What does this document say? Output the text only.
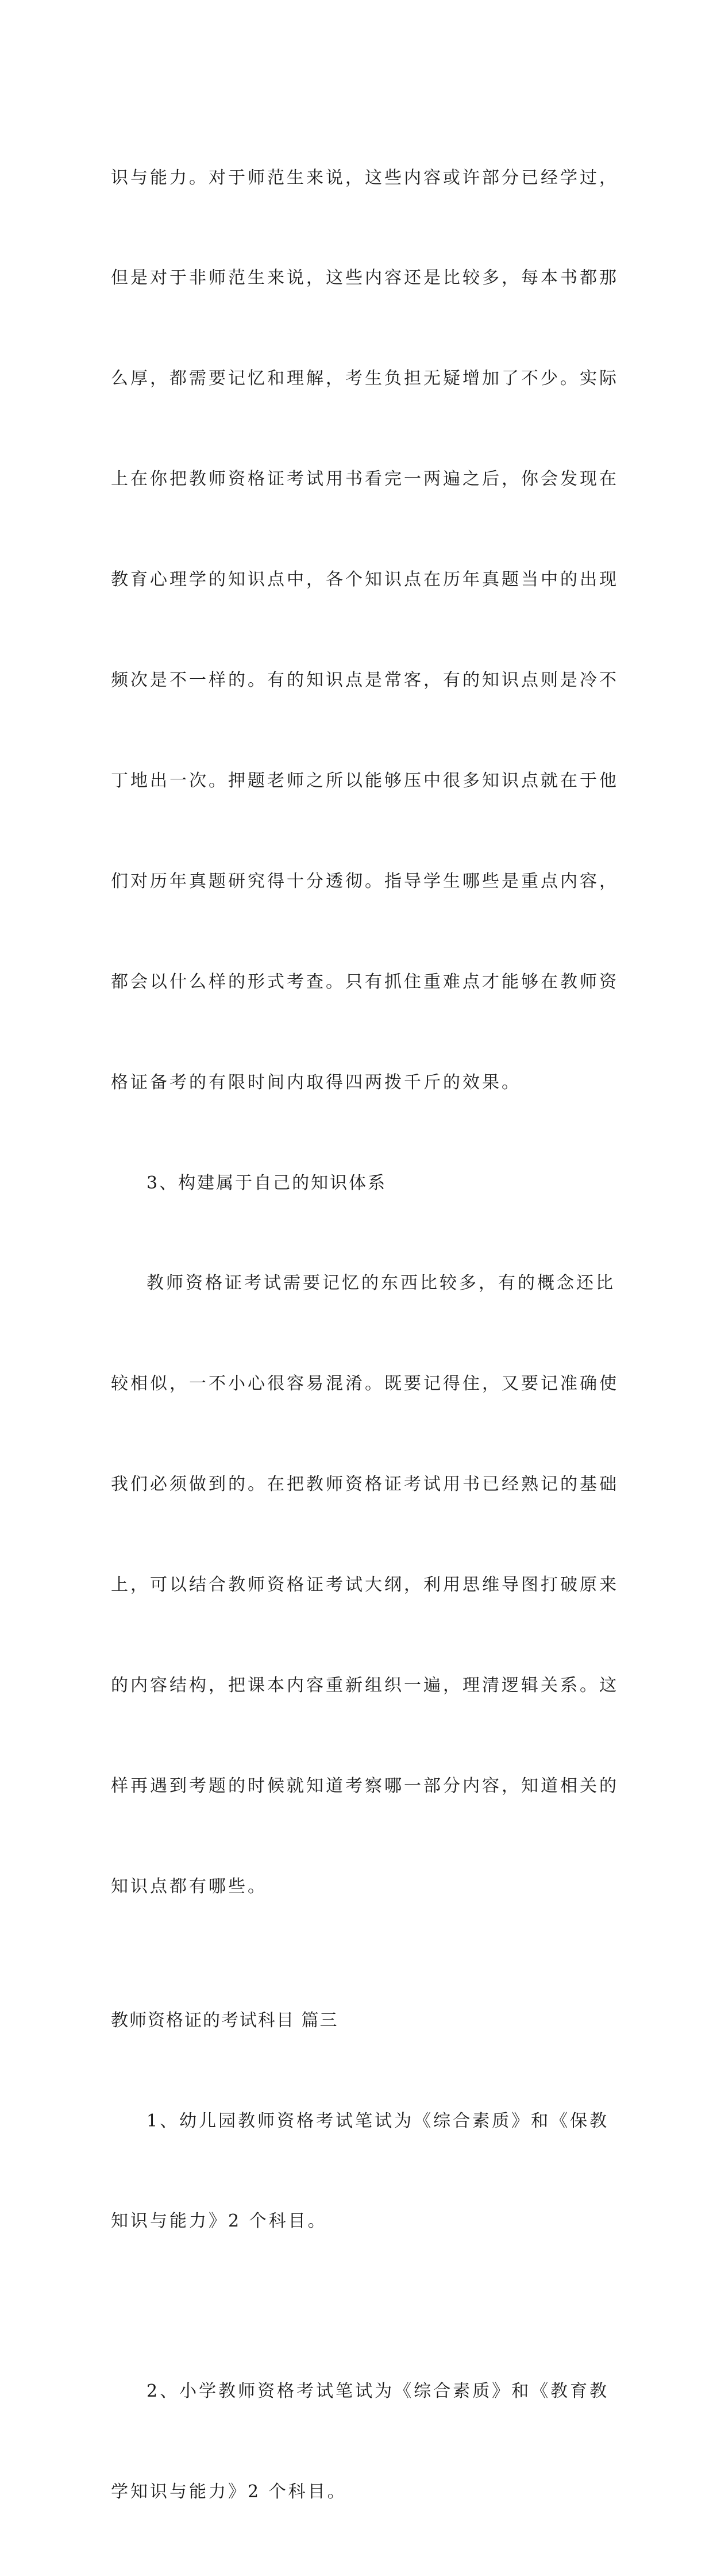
识与能力。对于师范生来说，这些内容或许部分已经学过，

但是对于非师范生来说，这些内容还是比较多，每本书都那

么厚，都需要记忆和理解，考生负担无疑增加了不少。实际

上在你把教师资格证考试用书看完一两遍之后，你会发现在

教育心理学的知识点中，各个知识点在历年真题当中的出现

频次是不一样的。有的知识点是常客，有的知识点则是冷不

丁地出一次。押题老师之所以能够压中很多知识点就在于他

们对历年真题研究得十分透彻。指导学生哪些是重点内容，

都会以什么样的形式考查。只有抓住重难点才能够在教师资

格证备考的有限时间内取得四两拨千斤的效果。

3、构建属于自己的知识体系

教师资格证考试需要记忆的东西比较多，有的概念还比

较相似，一不小心很容易混淆。既要记得住，又要记准确使

我们必须做到的。在把教师资格证考试用书已经熟记的基础

上，可以结合教师资格证考试大纲，利用思维导图打破原来

的内容结构，把课本内容重新组织一遍，理清逻辑关系。这

样再遇到考题的时候就知道考察哪一部分内容，知道相关的

知识点都有哪些。

教师资格证的考试科目 篇三

1、幼儿园教师资格考试笔试为《综合素质》和《保教

知识与能力》2 个科目。

2、小学教师资格考试笔试为《综合素质》和《教育教

学知识与能力》2 个科目。
